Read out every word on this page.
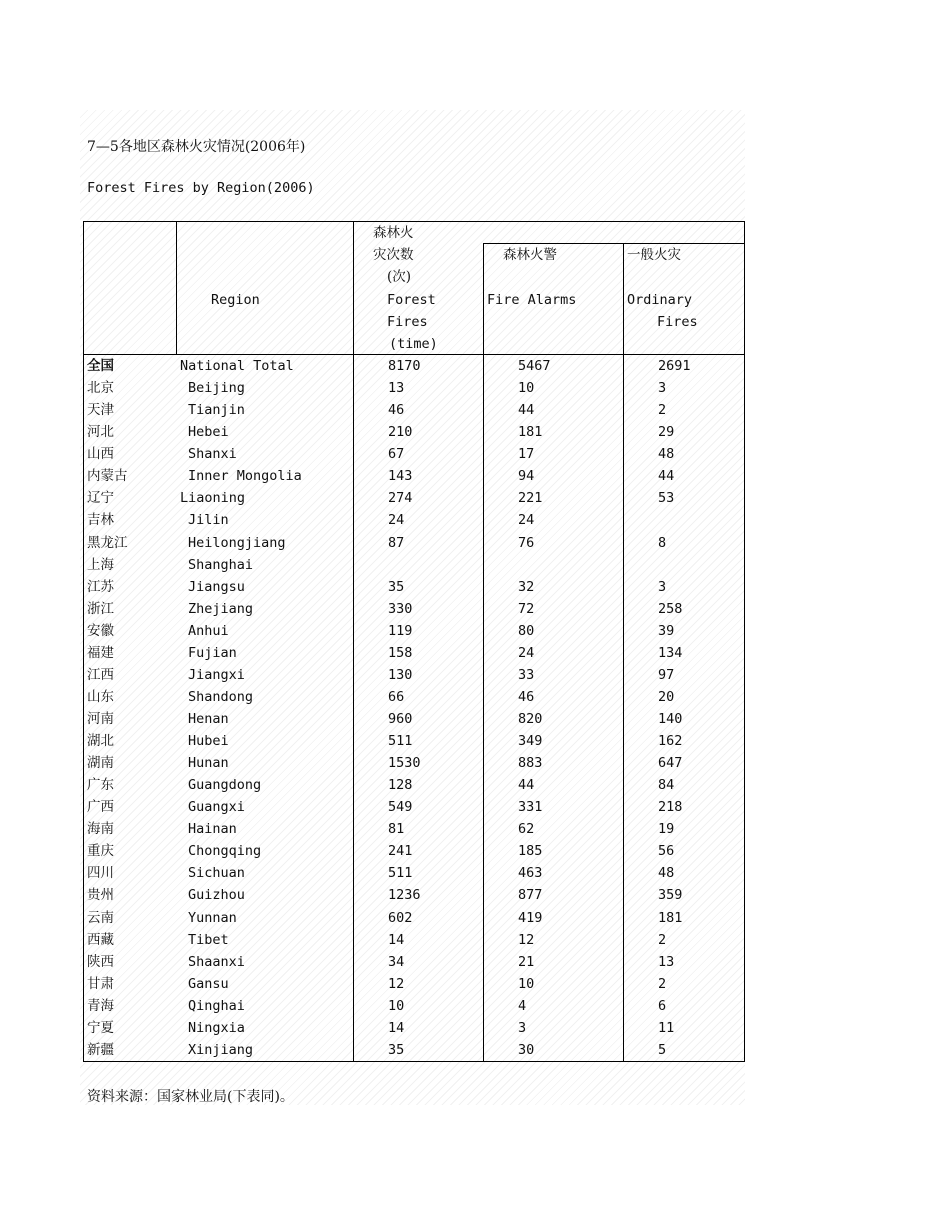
7—5各地区森林火灾情况(2006年)
Forest Fires by Region(2006)
Region
森林火
灾次数
(次)
Forest
Fires
(time)
森林火警
Fire Alarms
一般火灾
Ordinary
Fires
全国	National Total	8170	5467	2691
北京	Beijing	13	10	3
天津	Tianjin	46	44	2
河北	Hebei	210	181	29
山西	Shanxi	67	17	48
内蒙古	Inner Mongolia	143	94	44
辽宁	Liaoning	274	221	53
吉林	Jilin	24	24
黑龙江	Heilongjiang	87	76	8
上海	Shanghai
江苏	Jiangsu	35	32	3
浙江	Zhejiang	330	72	258
安徽	Anhui	119	80	39
福建	Fujian	158	24	134
江西	Jiangxi	130	33	97
山东	Shandong	66	46	20
河南	Henan	960	820	140
湖北	Hubei	511	349	162
湖南	Hunan	1530	883	647
广东	Guangdong	128	44	84
广西	Guangxi	549	331	218
海南	Hainan	81	62	19
重庆	Chongqing	241	185	56
四川	Sichuan	511	463	48
贵州	Guizhou	1236	877	359
云南	Yunnan	602	419	181
西藏	Tibet	14	12	2
陕西	Shaanxi	34	21	13
甘肃	Gansu	12	10	2
青海	Qinghai	10	4	6
宁夏	Ningxia	14	3	11
新疆	Xinjiang	35	30	5
资料来源：国家林业局(下表同)。
